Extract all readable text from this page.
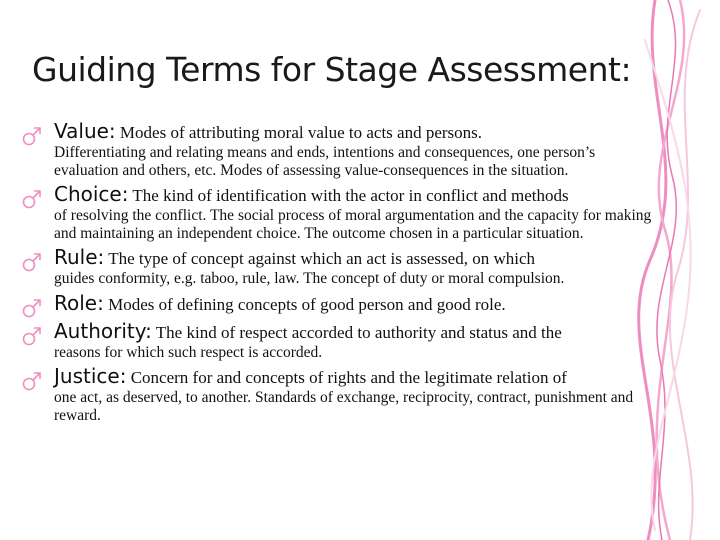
Guiding Terms for Stage Assessment:
Value: Modes of attributing moral value to acts and persons.
Differentiating and relating means and ends, intentions and consequences, one person’s evaluation and others, etc. Modes of assessing value-consequences in the situation.
Choice: The kind of identification with the actor in conflict and methods
of resolving the conflict. The social process of moral argumentation and the capacity for making and maintaining an independent choice. The outcome chosen in a particular situation.
Rule: The type of concept against which an act is assessed, on which
guides conformity, e.g. taboo, rule, law. The concept of duty or moral compulsion.
Role: Modes of defining concepts of good person and good role.
Authority: The kind of respect accorded to authority and status and the
reasons for which such respect is accorded.
Justice: Concern for and concepts of rights and the legitimate relation of
one act, as deserved, to another. Standards of exchange, reciprocity, contract, punishment and reward.
